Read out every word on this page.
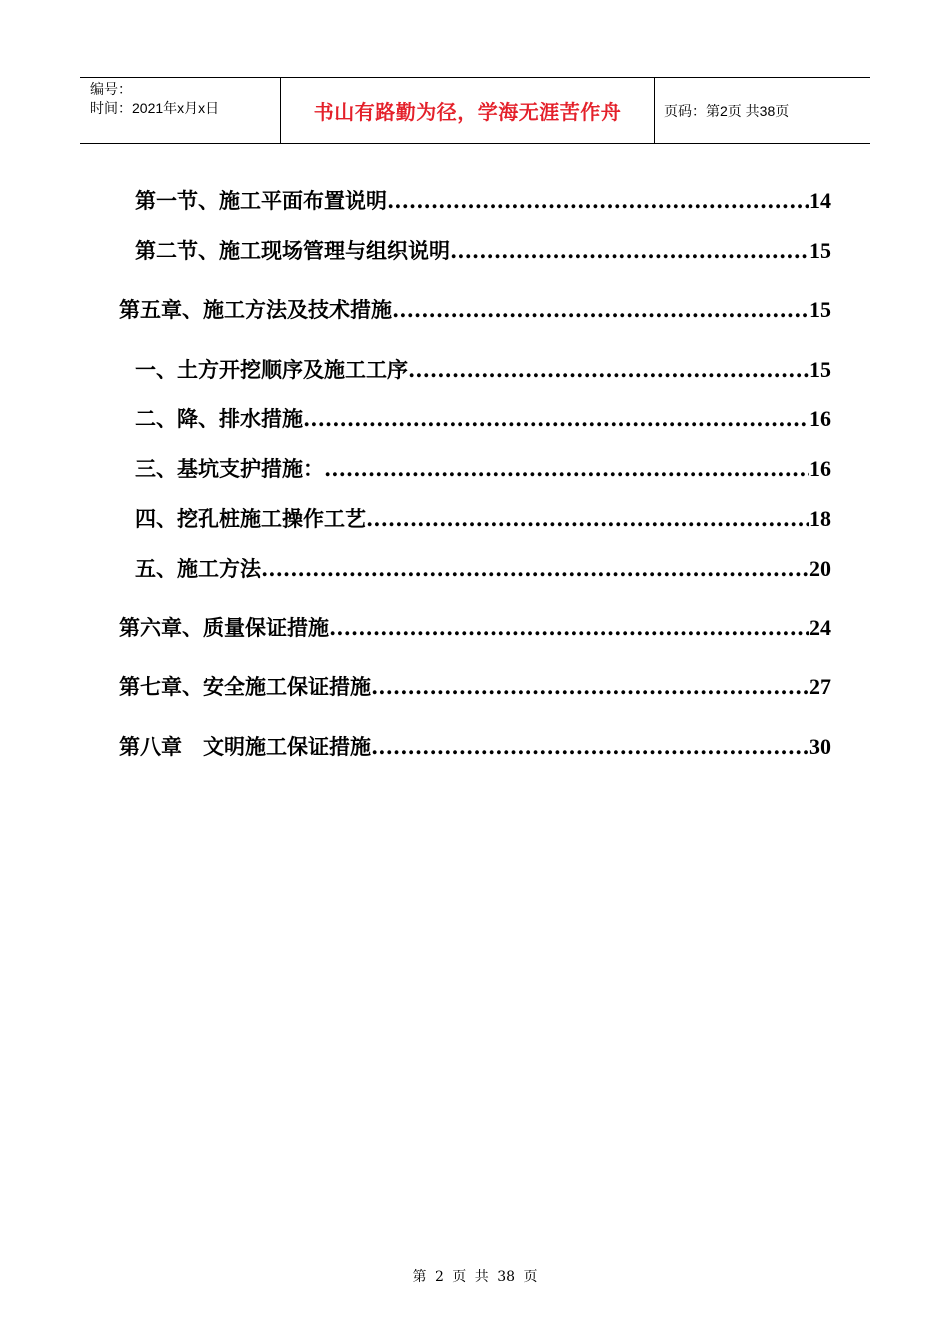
编号：
时间：2021年x月x日	书山有路勤为径，学海无涯苦作舟	页码：第2页 共38页
第一节、施工平面布置说明 .....	14
第二节、施工现场管理与组织说明 .....	15
第五章、施工方法及技术措施 .....	15
一、土方开挖顺序及施工工序 .....	15
二、降、排水措施 .....	16
三、基坑支护措施： .....	16
四、挖孔桩施工操作工艺 .....	18
五、施工方法 .....	20
第六章、质量保证措施 .....	24
第七章、安全施工保证措施 .....	27
第八章　文明施工保证措施 .....	30
第 2 页 共 38 页
